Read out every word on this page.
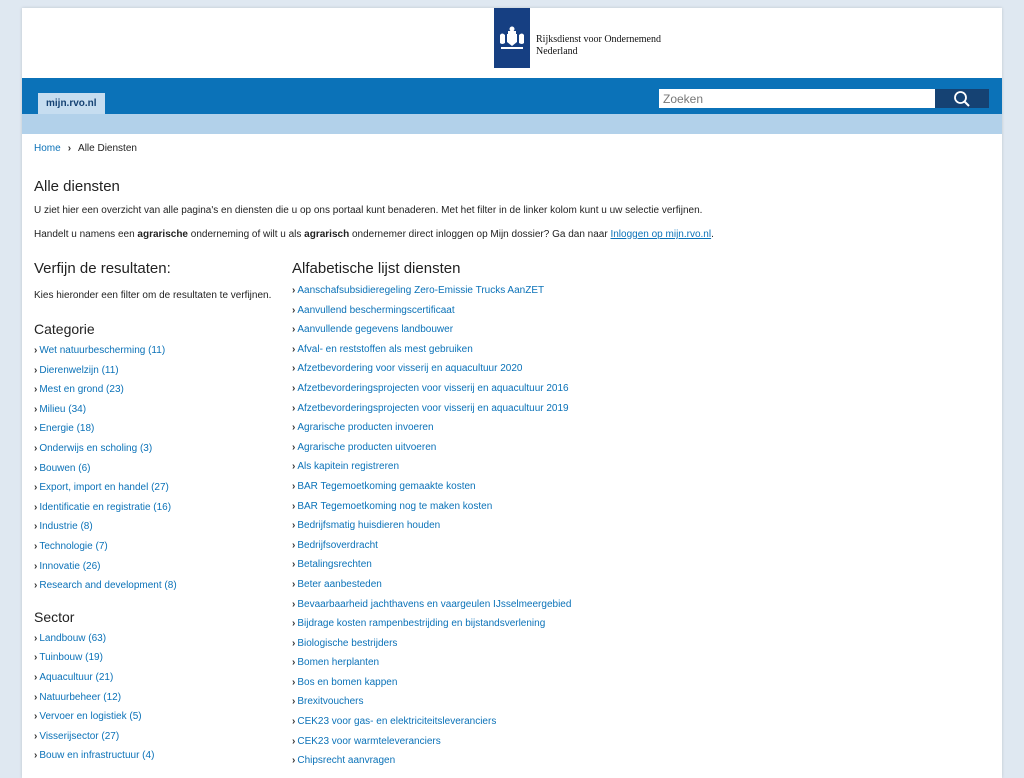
Rijksdienst voor Ondernemend
Nederland
mijn.rvo.nl
Zoeken
Home › Alle Diensten
Alle diensten

U ziet hier een overzicht van alle pagina's en diensten die u op ons portaal kunt benaderen. Met het filter in de linker kolom kunt u uw selectie verfijnen.

Handelt u namens een agrarische onderneming of wilt u als agrarisch ondernemer direct inloggen op Mijn dossier? Ga dan naar Inloggen op mijn.rvo.nl.

Verfijn de resultaten:

Kies hieronder een filter om de resultaten te verfijnen.

Categorie
› Wet natuurbescherming (11)
› Dierenwelzijn (11)
› Mest en grond (23)
› Milieu (34)
› Energie (18)
› Onderwijs en scholing (3)
› Bouwen (6)
› Export, import en handel (27)
› Identificatie en registratie (16)
› Industrie (8)
› Technologie (7)
› Innovatie (26)
› Research and development (8)
Sector
› Landbouw (63)
› Tuinbouw (19)
› Aquacultuur (21)
› Natuurbeheer (12)
› Vervoer en logistiek (5)
› Visserijsector (27)
› Bouw en infrastructuur (4)
Alfabetische lijst diensten
› Aanschafsubsidieregeling Zero-Emissie Trucks AanZET
› Aanvullend beschermingscertificaat
› Aanvullende gegevens landbouwer
› Afval- en reststoffen als mest gebruiken
› Afzetbevordering voor visserij en aquacultuur 2020
› Afzetbevorderingsprojecten voor visserij en aquacultuur 2016
› Afzetbevorderingsprojecten voor visserij en aquacultuur 2019
› Agrarische producten invoeren
› Agrarische producten uitvoeren
› Als kapitein registreren
› BAR Tegemoetkoming gemaakte kosten
› BAR Tegemoetkoming nog te maken kosten
› Bedrijfsmatig huisdieren houden
› Bedrijfsoverdracht
› Betalingsrechten
› Beter aanbesteden
› Bevaarbaarheid jachthavens en vaargeulen IJsselmeergebied
› Bijdrage kosten rampenbestrijding en bijstandsverlening
› Biologische bestrijders
› Bomen herplanten
› Bos en bomen kappen
› Brexitvouchers
› CEK23 voor gas- en elektriciteitsleveranciers
› CEK23 voor warmteleveranciers
› Chipsrecht aanvragen
